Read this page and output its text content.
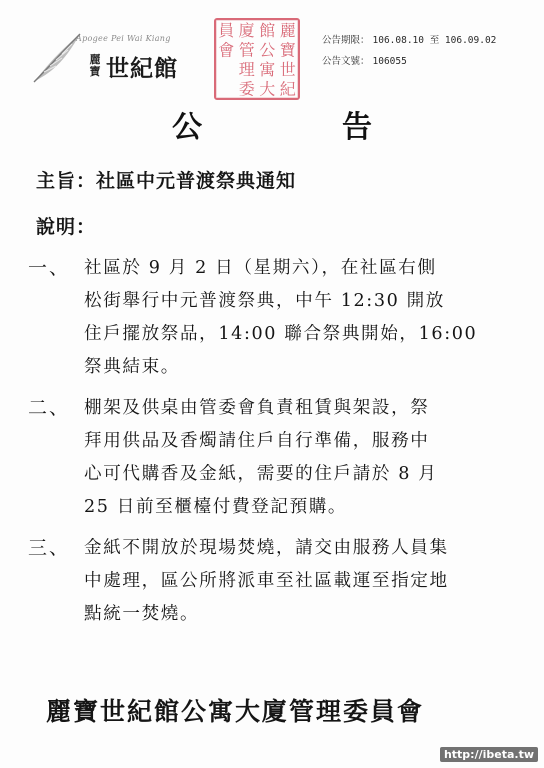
Apogee Pei Wai Kiang
麗寶 世紀館
麗
寶
世
紀
館
公
寓
大
廈
管
理
委
員
會	公告期限： 106.08.10 至 106.09.02
公告文號： 106055
公	告
主旨：社區中元普渡祭典通知
說明：
一、 社區於 9 月 2 日（星期六），在社區右側
松街舉行中元普渡祭典，中午 12:30 開放
住戶擺放祭品，14:00 聯合祭典開始，16:00
祭典結束。
二、 棚架及供桌由管委會負責租賃與架設，祭
拜用供品及香燭請住戶自行準備，服務中
心可代購香及金紙，需要的住戶請於 8 月
25 日前至櫃檯付費登記預購。
三、 金紙不開放於現場焚燒，請交由服務人員集
中處理，區公所將派車至社區載運至指定地
點統一焚燒。
麗寶世紀館公寓大廈管理委員會
http://ibeta.tw
